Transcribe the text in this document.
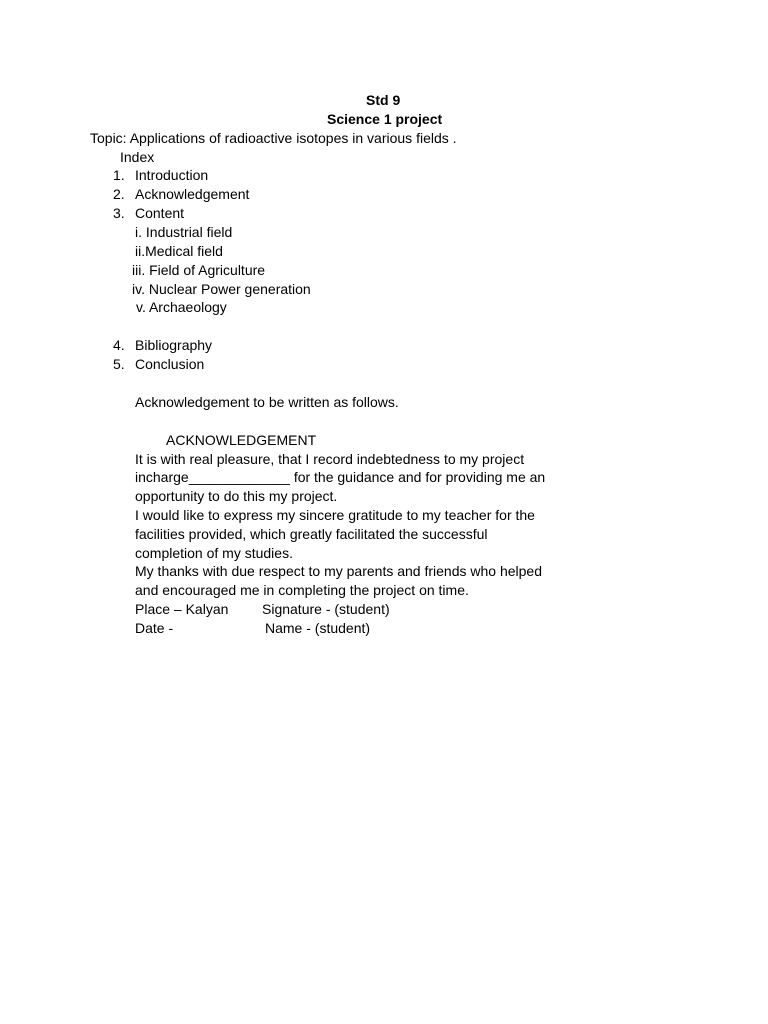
Std 9
Science 1 project
Topic: Applications of radioactive isotopes in various fields .
Index
1. Introduction
2. Acknowledgement
3. Content
i. Industrial field
ii.Medical field
iii. Field of Agriculture
iv. Nuclear Power generation
v. Archaeology
4. Bibliography
5. Conclusion
Acknowledgement to be written as follows.
ACKNOWLEDGEMENT
It is with real pleasure, that I record indebtedness to my project
incharge_____________ for the guidance and for providing me an
opportunity to do this my project.
I would like to express my sincere gratitude to my teacher for the
facilities provided, which greatly facilitated the successful
completion of my studies.
My thanks with due respect to my parents and friends who helped
and encouraged me in completing the project on time.
Place – Kalyan Signature - (student)
Date -	Name - (student)
